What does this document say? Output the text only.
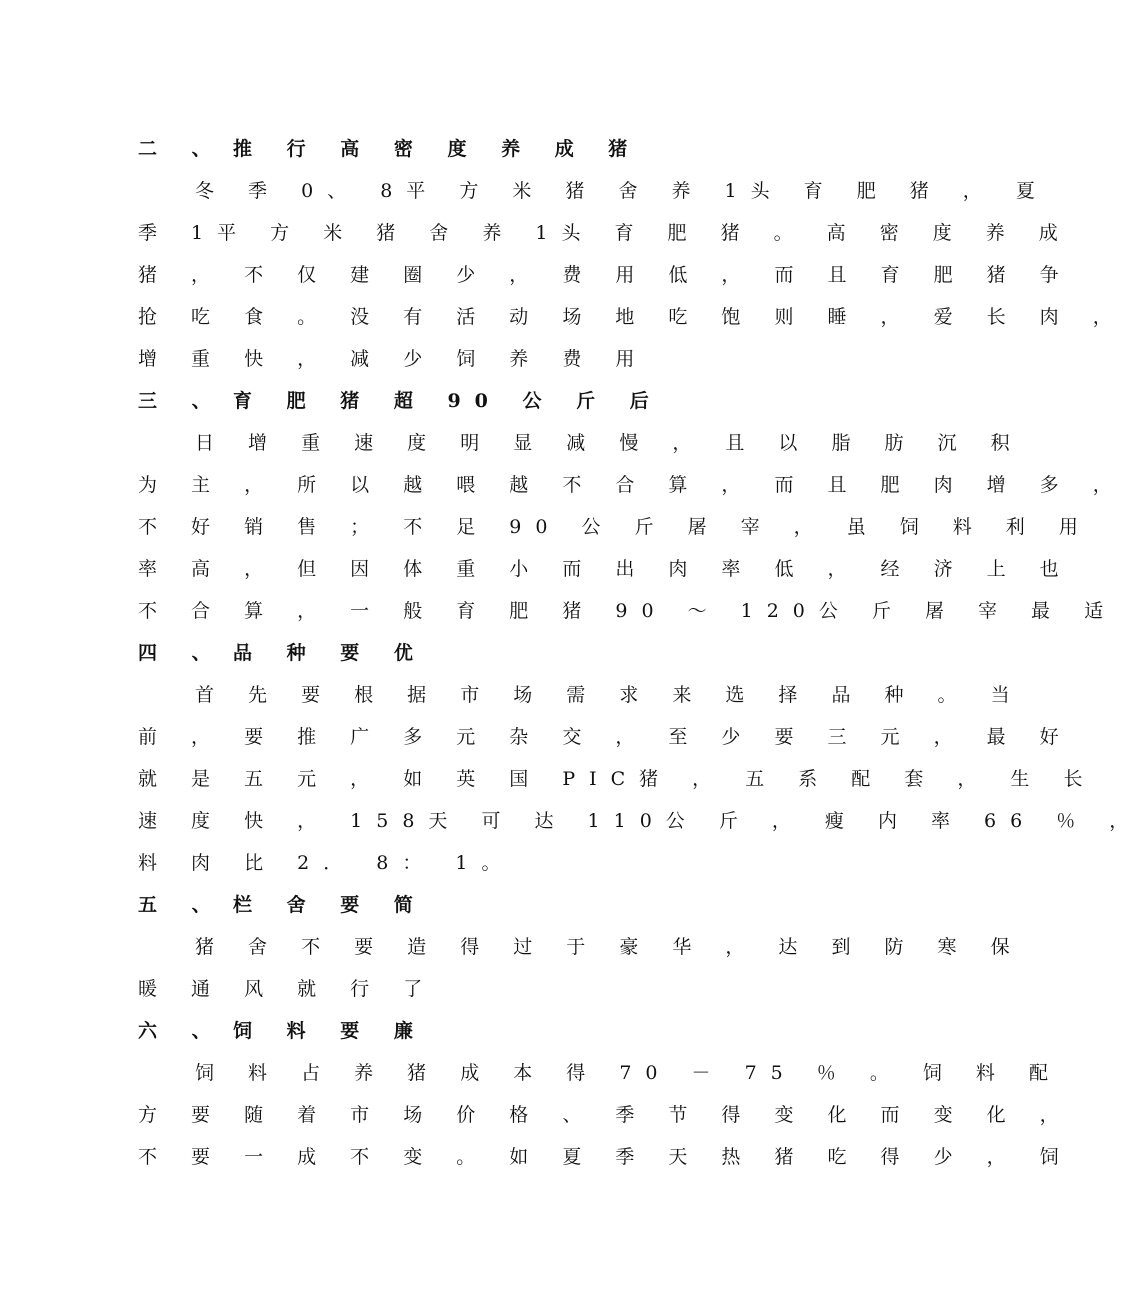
二 、 推 行 高 密 度 养 成 猪
冬 季 0、 8平 方 米 猪 舍 养 1头 育 肥 猪 ， 夏
季 1平 方 米 猪 舍 养 1头 育 肥 猪 。 高 密 度 养 成
猪 ， 不 仅 建 圈 少 ， 费 用 低 ， 而 且 育 肥 猪 争
抢 吃 食 。 没 有 活 动 场 地 吃 饱 则 睡 ， 爱 长 肉 ，
增 重 快 ， 减 少 饲 养 费 用
三 、 育 肥 猪 超 90 公 斤 后
日 增 重 速 度 明 显 减 慢 ， 且 以 脂 肪 沉 积
为 主 ， 所 以 越 喂 越 不 合 算 ， 而 且 肥 肉 增 多 ，
不 好 销 售 ； 不 足 90 公 斤 屠 宰 ， 虽 饲 料 利 用
率 高 ， 但 因 体 重 小 而 出 肉 率 低 ， 经 济 上 也
不 合 算 ， 一 般 育 肥 猪 90 ～ 120公 斤 屠 宰 最 适
四 、 品 种 要 优
首 先 要 根 据 市 场 需 求 来 选 择 品 种 。 当
前 ， 要 推 广 多 元 杂 交 ， 至 少 要 三 元 ， 最 好
就 是 五 元 ， 如 英 国 PIC猪 ， 五 系 配 套 ， 生 长
速 度 快 ， 158天 可 达 110公 斤 ， 瘦 内 率 66 ％ ，
料 肉 比 2． 8： 1。
五 、 栏 舍 要 简
猪 舍 不 要 造 得 过 于 豪 华 ， 达 到 防 寒 保
暖 通 风 就 行 了
六 、 饲 料 要 廉
饲 料 占 养 猪 成 本 得 70 － 75 ％ 。 饲 料 配
方 要 随 着 市 场 价 格 、 季 节 得 变 化 而 变 化 ，
不 要 一 成 不 变 。 如 夏 季 天 热 猪 吃 得 少 ， 饲
